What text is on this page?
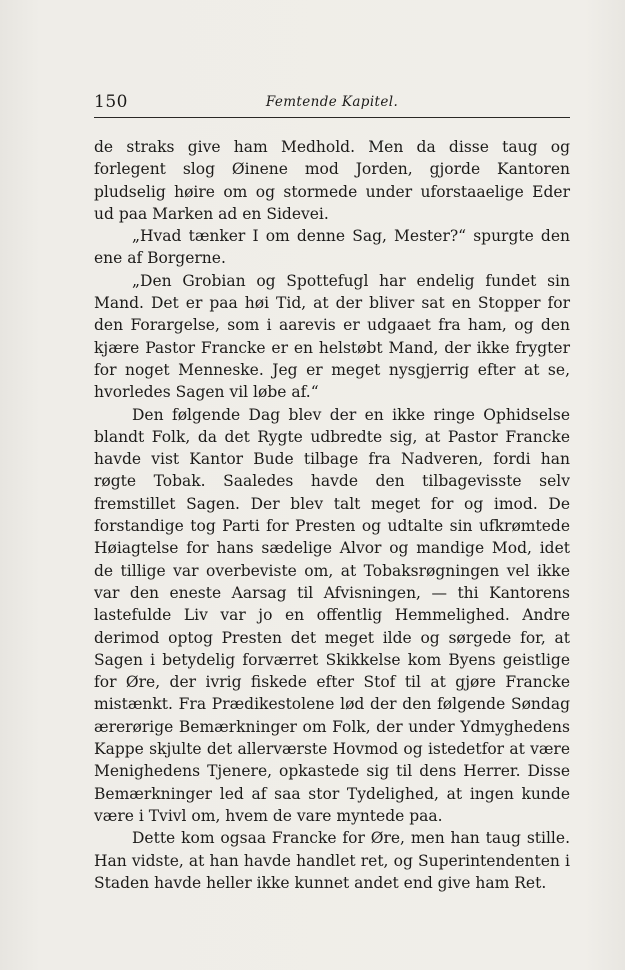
150	Femtende Kapitel.

de straks give ham Medhold. Men da disse taug og forlegent slog Øinene mod Jorden, gjorde Kantoren pludselig høire om og stormede under uforstaaelige Eder ud paa Marken ad en Sidevei.

„Hvad tænker I om denne Sag, Mester?“ spurgte den ene af Borgerne.

„Den Grobian og Spottefugl har endelig fundet sin Mand. Det er paa høi Tid, at der bliver sat en Stopper for den Forargelse, som i aarevis er udgaaet fra ham, og den kjære Pastor Francke er en helstøbt Mand, der ikke frygter for noget Menneske. Jeg er meget nysgjerrig efter at se, hvorledes Sagen vil løbe af.“

Den følgende Dag blev der en ikke ringe Ophidselse blandt Folk, da det Rygte udbredte sig, at Pastor Francke havde vist Kantor Bude tilbage fra Nadveren, fordi han røgte Tobak. Saaledes havde den tilbagevisste selv fremstillet Sagen. Der blev talt meget for og imod. De forstandige tog Parti for Presten og udtalte sin ufkrømtede Høiagtelse for hans sædelige Alvor og mandige Mod, idet de tillige var overbeviste om, at Tobaksrøgningen vel ikke var den eneste Aarsag til Afvisningen, — thi Kantorens lastefulde Liv var jo en offentlig Hemmelighed. Andre derimod optog Presten det meget ilde og sørgede for, at Sagen i betydelig forværret Skikkelse kom Byens geistlige for Øre, der ivrig fiskede efter Stof til at gjøre Francke mistænkt. Fra Prædikestolene lød der den følgende Søndag ærerørige Bemærkninger om Folk, der under Ydmyghedens Kappe skjulte det allerværste Hovmod og istedetfor at være Menighedens Tjenere, opkastede sig til dens Herrer. Disse Bemærkninger led af saa stor Tydelighed, at ingen kunde være i Tvivl om, hvem de vare myntede paa.

Dette kom ogsaa Francke for Øre, men han taug stille. Han vidste, at han havde handlet ret, og Superintendenten i Staden havde heller ikke kunnet andet end give ham Ret.
